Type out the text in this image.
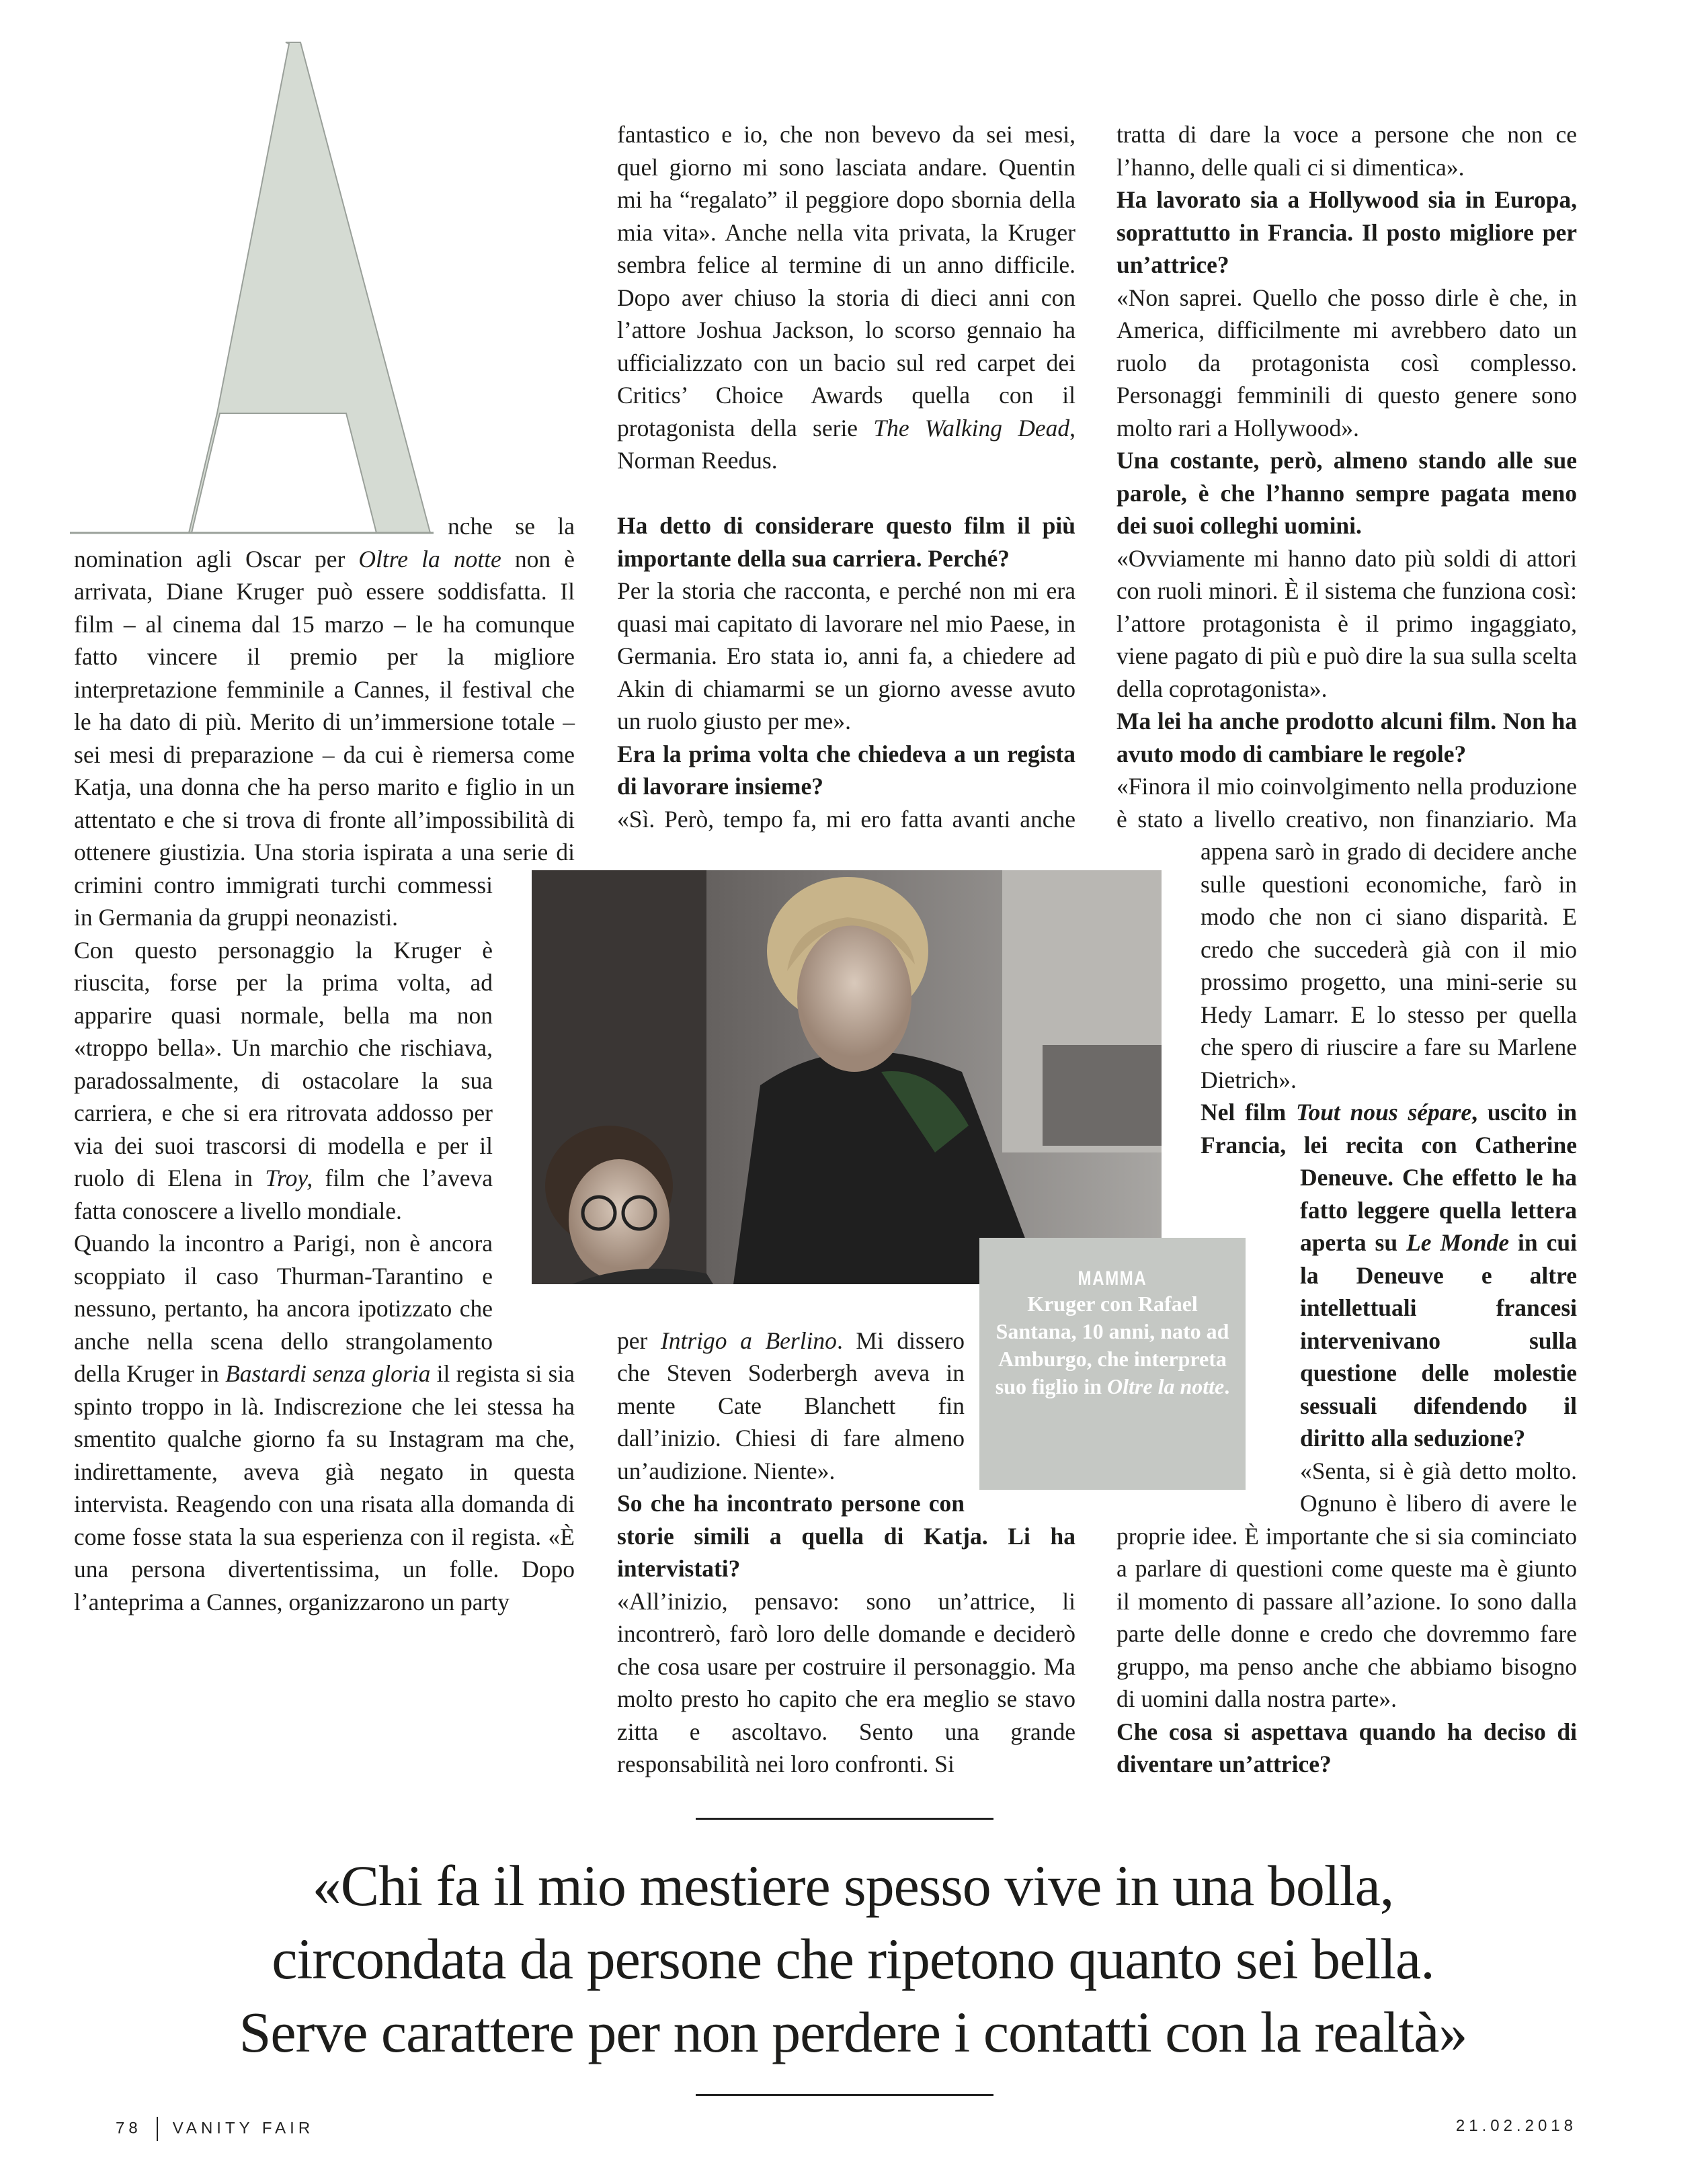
nche se la nomination agli Oscar per Oltre la notte non è arrivata, Diane Kruger può essere soddisfatta. Il film – al cinema dal 15 marzo – le ha comunque fatto vincere il premio per la migliore interpretazione femminile a Cannes, il festival che le ha dato di più. Merito di un’immersione totale – sei mesi di preparazione – da cui è riemersa come Katja, una donna che ha perso marito e figlio in un attentato e che si trova di fronte all’impossibilità di ottenere giustizia. Una storia ispirata a una serie di crimini contro immigrati turchi commessi in Germania da gruppi neonazisti.

Con questo personaggio la Kruger è riuscita, forse per la prima volta, ad apparire quasi normale, bella ma non «troppo bella». Un marchio che rischiava, paradossalmente, di ostacolare la sua carriera, e che si era ritrovata addosso per via dei suoi trascorsi di modella e per il ruolo di Elena in Troy, film che l’aveva fatta conoscere a livello mondiale.

Quando la incontro a Parigi, non è ancora scoppiato il caso Thurman-Tarantino e nessuno, pertanto, ha ancora ipotizzato che anche nella scena dello strangolamento della Kruger in Bastardi senza gloria il regista si sia spinto troppo in là. Indiscrezione che lei stessa ha smentito qualche giorno fa su Instagram ma che, indirettamente, aveva già negato in questa intervista. Reagendo con una risata alla domanda di come fosse stata la sua esperienza con il regista. «È una persona divertentissima, un folle. Dopo l’anteprima a Cannes, organizzarono un party

fantastico e io, che non bevevo da sei mesi, quel giorno mi sono lasciata andare. Quentin mi ha “regalato” il peggiore dopo sbornia della mia vita». Anche nella vita privata, la Kruger sembra felice al termine di un anno difficile. Dopo aver chiuso la storia di dieci anni con l’attore Joshua Jackson, lo scorso gennaio ha ufficializzato con un bacio sul red carpet dei Critics’ Choice Awards quella con il protagonista della serie The Walking Dead, Norman Reedus.

Ha detto di considerare questo film il più importante della sua carriera. Perché?

Per la storia che racconta, e perché non mi era quasi mai capitato di lavorare nel mio Paese, in Germania. Ero stata io, anni fa, a chiedere ad Akin di chiamarmi se un giorno avesse avuto un ruolo giusto per me».

Era la prima volta che chiedeva a un regista di lavorare insieme?

«Sì. Però, tempo fa, mi ero fatta avanti anche per Intrigo a Berlino. Mi dissero che Steven Soderbergh aveva in mente Cate Blanchett fin dall’inizio. Chiesi di fare almeno un’audizione. Niente».

So che ha incontrato persone con storie simili a quella di Katja. Li ha intervistati?

«All’inizio, pensavo: sono un’attrice, li incontrerò, farò loro delle domande e deciderò che cosa usare per costruire il personaggio. Ma molto presto ho capito che era meglio se stavo zitta e ascoltavo. Sento una grande responsabilità nei loro confronti. Si

tratta di dare la voce a persone che non ce l’hanno, delle quali ci si dimentica».

Ha lavorato sia a Hollywood sia in Europa, soprattutto in Francia. Il posto migliore per un’attrice?

«Non saprei. Quello che posso dirle è che, in America, difficilmente mi avrebbero dato un ruolo da protagonista così complesso. Personaggi femminili di questo genere sono molto rari a Hollywood».

Una costante, però, almeno stando alle sue parole, è che l’hanno sempre pagata meno dei suoi colleghi uomini.

«Ovviamente mi hanno dato più soldi di attori con ruoli minori. È il sistema che funziona così: l’attore protagonista è il primo ingaggiato, viene pagato di più e può dire la sua sulla scelta della coprotagonista».

Ma lei ha anche prodotto alcuni film. Non ha avuto modo di cambiare le regole?

«Finora il mio coinvolgimento nella produzione è stato a livello creativo, non finanziario. Ma appena sarò in grado di decidere anche sulle questioni economiche, farò in modo che non ci siano disparità. E credo che succederà già con il mio prossimo progetto, una mini-serie su Hedy Lamarr. E lo stesso per quella che spero di riuscire a fare su Marlene Dietrich».

Nel film Tout nous sépare, uscito in Francia, lei recita con Catherine Deneuve. Che effetto le ha fatto leggere quella lettera aperta su Le Monde in cui la Deneuve e altre intellettuali francesi intervenivano sulla questione delle molestie sessuali difendendo il diritto alla seduzione?

«Senta, si è già detto molto. Ognuno è libero di avere le proprie idee. È importante che si sia cominciato a parlare di questioni come queste ma è giunto il momento di passare all’azione. Io sono dalla parte delle donne e credo che dovremmo fare gruppo, ma penso anche che abbiamo bisogno di uomini dalla nostra parte».

Che cosa si aspettava quando ha deciso di diventare un’attrice?

MAMMA
Kruger con Rafael Santana, 10 anni, nato ad Amburgo, che interpreta suo figlio in Oltre la notte.
«Chi fa il mio mestiere spesso vive in una bolla,
circondata da persone che ripetono quanto sei bella.
Serve carattere per non perdere i contatti con la realtà»
78 VANITY FAIR	21.02.2018
